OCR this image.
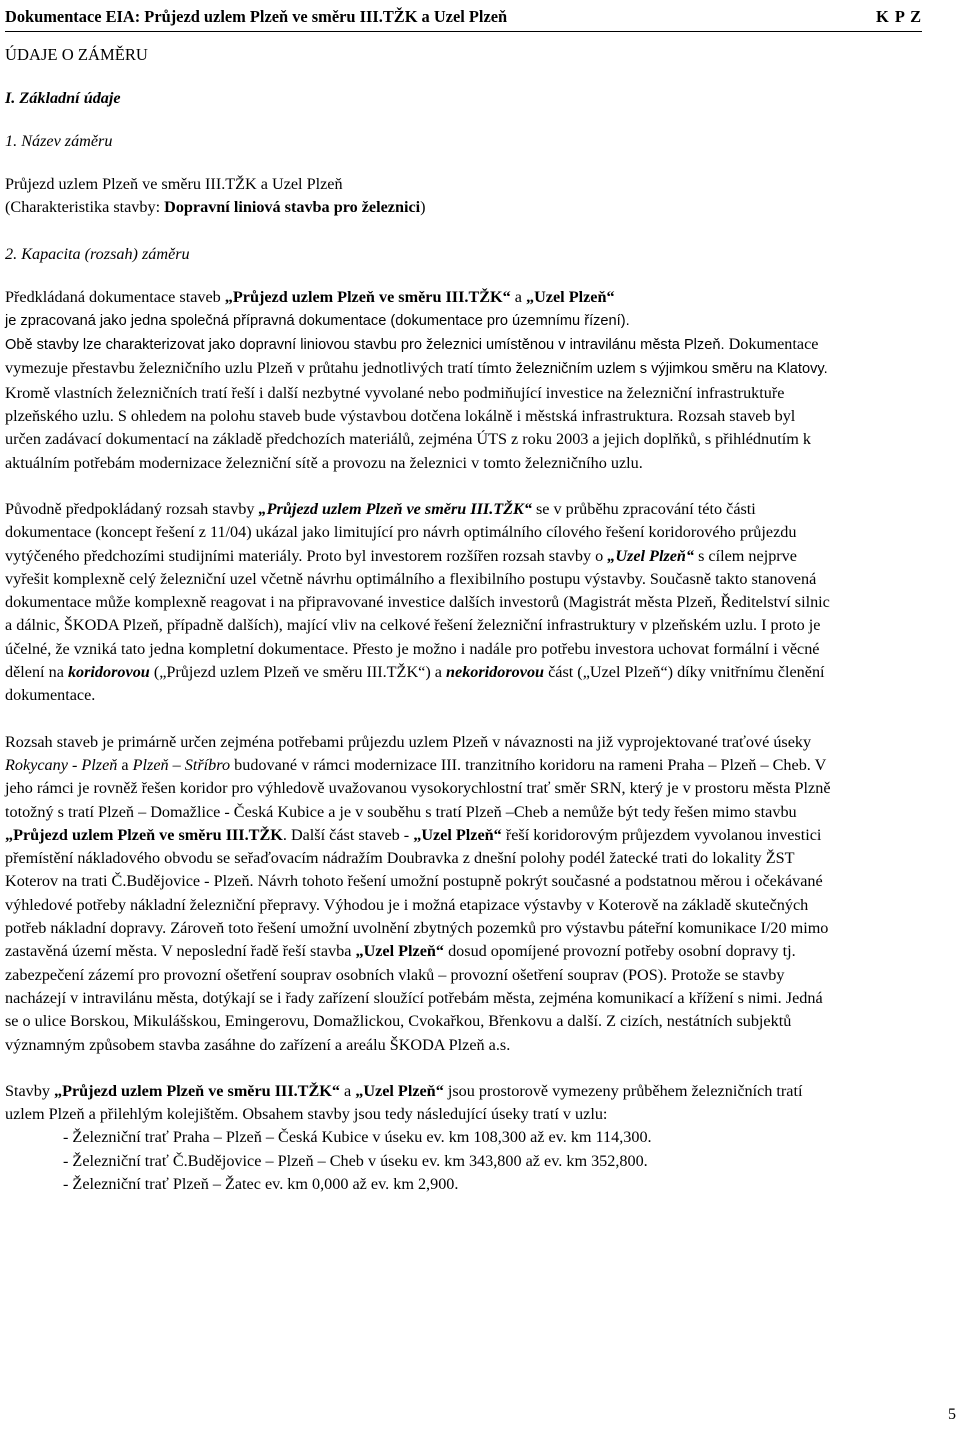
Dokumentace EIA: Průjezd uzlem Plzeň ve směru III.TŽK a Uzel Plzeň	K P Z

ÚDAJE O ZÁMĚRU

I. Základní údaje

1. Název záměru

Průjezd uzlem Plzeň ve směru III.TŽK a Uzel Plzeň

(Charakteristika stavby: Dopravní liniová stavba pro železnici)

2. Kapacita (rozsah) záměru

Předkládaná dokumentace staveb „Průjezd uzlem Plzeň ve směru III.TŽK“ a „Uzel Plzeň“

je zpracovaná jako jedna společná přípravná dokumentace (dokumentace pro územnímu řízení).
Obě stavby lze charakterizovat jako dopravní liniovou stavbu pro železnici umístěnou v intravilánu města Plzeň. Dokumentace vymezuje přestavbu železničního uzlu Plzeň v průtahu jednotlivých tratí tímto železničním uzlem s výjimkou směru na Klatovy. Kromě vlastních železničních tratí řeší i další nezbytné vyvolané nebo podmiňující investice na železniční infrastruktuře plzeňského uzlu. S ohledem na polohu staveb bude výstavbou dotčena lokálně i městská infrastruktura. Rozsah staveb byl určen zadávací dokumentací na základě předchozích materiálů, zejména ÚTS z roku 2003 a jejich doplňků, s přihlédnutím k aktuálním potřebám modernizace železniční sítě a provozu na železnici v tomto železničního uzlu.

Původně předpokládaný rozsah stavby „Průjezd uzlem Plzeň ve směru III.TŽK“ se v průběhu zpracování této části dokumentace (koncept řešení z 11/04) ukázal jako limitující pro návrh optimálního cílového řešení koridorového průjezdu vytýčeného předchozími studijními materiály. Proto byl investorem rozšířen rozsah stavby o „Uzel Plzeň“ s cílem nejprve vyřešit komplexně celý železniční uzel včetně návrhu optimálního a flexibilního postupu výstavby. Současně takto stanovená dokumentace může komplexně reagovat i na připravované investice dalších investorů (Magistrát města Plzeň, Ředitelství silnic a dálnic, ŠKODA Plzeň, případně dalších), mající vliv na celkové řešení železniční infrastruktury v plzeňském uzlu. I proto je účelné, že vzniká tato jedna kompletní dokumentace. Přesto je možno i nadále pro potřebu investora uchovat formální i věcné dělení na koridorovou („Průjezd uzlem Plzeň ve směru III.TŽK“) a nekoridorovou část („Uzel Plzeň“) díky vnitřnímu členění dokumentace.

Rozsah staveb je primárně určen zejména potřebami průjezdu uzlem Plzeň v návaznosti na již vyprojektované traťové úseky Rokycany - Plzeň a Plzeň – Stříbro budované v rámci modernizace III. tranzitního koridoru na rameni Praha – Plzeň – Cheb. V jeho rámci je rovněž řešen koridor pro výhledově uvažovanou vysokorychlostní trať směr SRN, který je v prostoru města Plzně totožný s tratí Plzeň – Domažlice - Česká Kubice a je v souběhu s tratí Plzeň –Cheb a nemůže být tedy řešen mimo stavbu „Průjezd uzlem Plzeň ve směru III.TŽK. Další část staveb - „Uzel Plzeň“ řeší koridorovým průjezdem vyvolanou investici přemístění nákladového obvodu se seřaďovacím nádražím Doubravka z dnešní polohy podél žatecké trati do lokality ŽST Koterov na trati Č.Budějovice - Plzeň. Návrh tohoto řešení umožní postupně pokrýt současné a podstatnou měrou i očekávané výhledové potřeby nákladní železniční přepravy. Výhodou je i možná etapizace výstavby v Koterově na základě skutečných potřeb nákladní dopravy. Zároveň toto řešení umožní uvolnění zbytných pozemků pro výstavbu páteřní komunikace I/20 mimo zastavěná území města. V neposlední řadě řeší stavba „Uzel Plzeň“ dosud opomíjené provozní potřeby osobní dopravy tj. zabezpečení zázemí pro provozní ošetření souprav osobních vlaků – provozní ošetření souprav (POS). Protože se stavby nacházejí v intravilánu města, dotýkají se i řady zařízení sloužící potřebám města, zejména komunikací a křížení s nimi. Jedná se o ulice Borskou, Mikulášskou, Emingerovu, Domažlickou, Cvokařkou, Břenkovu a další. Z cizích, nestátních subjektů významným způsobem stavba zasáhne do zařízení a areálu ŠKODA Plzeň a.s.

Stavby „Průjezd uzlem Plzeň ve směru III.TŽK“ a „Uzel Plzeň“ jsou prostorově vymezeny průběhem železničních tratí uzlem Plzeň a přilehlým kolejištěm. Obsahem stavby jsou tedy následující úseky tratí v uzlu:

- Železniční trať Praha – Plzeň – Česká Kubice v úseku ev. km 108,300 až ev. km 114,300.
- Železniční trať Č.Budějovice – Plzeň – Cheb v úseku ev. km 343,800 až ev. km 352,800.
- Železniční trať Plzeň – Žatec ev. km 0,000 až ev. km 2,900.
5
